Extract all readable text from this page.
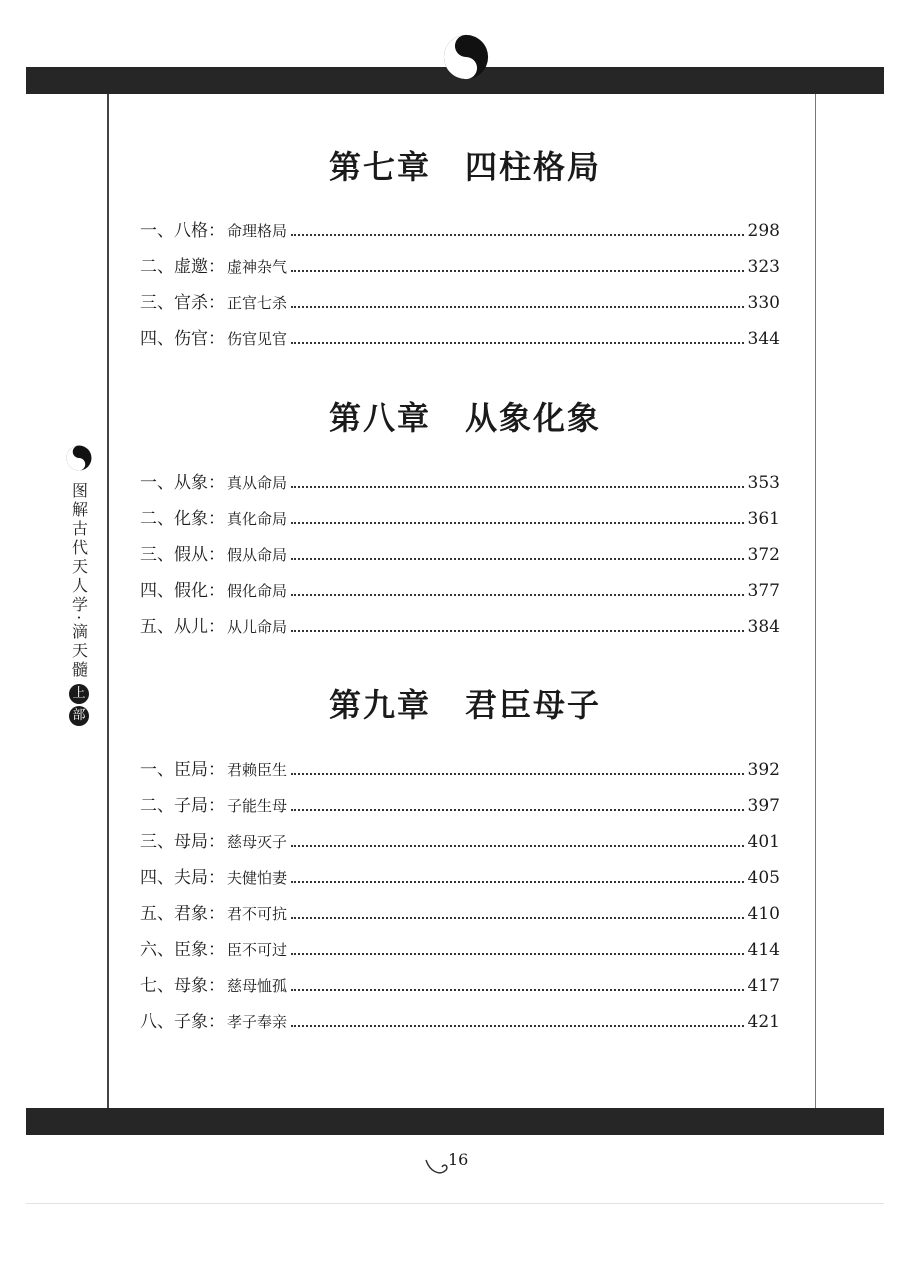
图解古代天人学·滴天髓
上
部
第七章　四柱格局
一、 八格： 命理格局	298
二、 虚邀： 虚神杂气	323
三、 官杀： 正官七杀	330
四、 伤官： 伤官见官	344
第八章　从象化象
一、 从象： 真从命局	353
二、 化象： 真化命局	361
三、 假从： 假从命局	372
四、 假化： 假化命局	377
五、 从儿： 从儿命局	384
第九章　君臣母子
一、 臣局： 君赖臣生	392
二、 子局： 子能生母	397
三、 母局： 慈母灭子	401
四、 夫局： 夫健怕妻	405
五、 君象： 君不可抗	410
六、 臣象： 臣不可过	414
七、 母象： 慈母恤孤	417
八、 子象： 孝子奉亲	421
16
